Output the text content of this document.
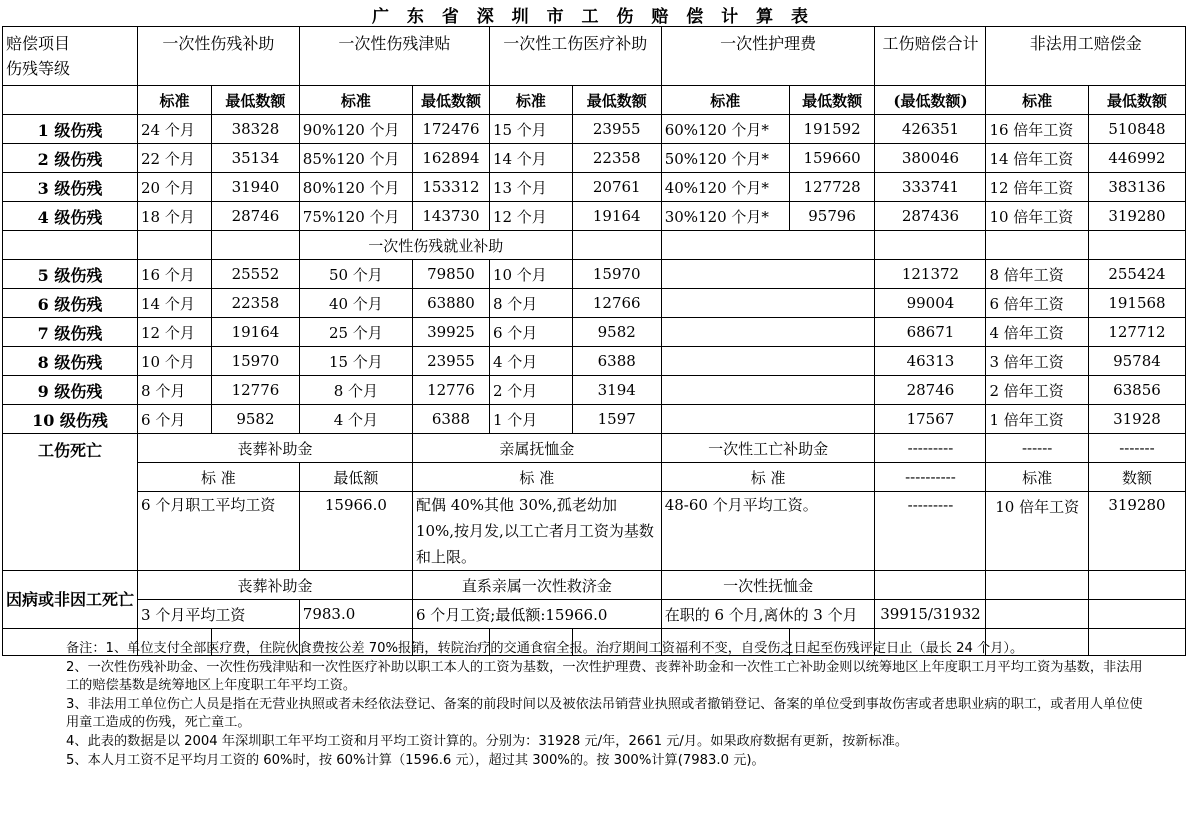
广 东 省 深 圳 市 工 伤 赔 偿 计 算 表
赔偿项目
伤残等级	一次性伤残补助		一次性伤残津贴		一次性工伤医疗补助		一次性护理费		工伤赔偿合计	非法用工赔偿金	
	标准	最低数额	标准	最低数额	标准	最低数额	标准	最低数额	(最低数额)	标准	最低数额
1 级伤残	24 个月	38328	90%120 个月	172476	15 个月	23955	60%120 个月*	191592	426351	16 倍年工资	510848
2 级伤残	22 个月	35134	85%120 个月	162894	14 个月	22358	50%120 个月*	159660	380046	14 倍年工资	446992
3 级伤残	20 个月	31940	80%120 个月	153312	13 个月	20761	40%120 个月*	127728	333741	12 倍年工资	383136
4 级伤残	18 个月	28746	75%120 个月	143730	12 个月	19164	30%120 个月*	95796	287436	10 倍年工资	319280
			一次性伤残就业补助								
5 级伤残	16 个月	25552	50 个月	79850	10 个月	15970			121372	8 倍年工资	255424
6 级伤残	14 个月	22358	40 个月	63880	8 个月	12766			99004	6 倍年工资	191568
7 级伤残	12 个月	19164	25 个月	39925	6 个月	9582			68671	4 倍年工资	127712
8 级伤残	10 个月	15970	15 个月	23955	4 个月	6388			46313	3 倍年工资	95784
9 级伤残	8 个月	12776	8 个月	12776	2 个月	3194			28746	2 倍年工资	63856
10 级伤残	6 个月	9582	4 个月	6388	1 个月	1597			17567	1 倍年工资	31928
工伤死亡	丧葬补助金			亲属抚恤金			一次性工亡补助金		---------	------	-------
	标 准		最低额	标 准			标 准		----------	标准	数额
	6 个月职工平均工资		15966.0	配偶 40%其他 30%,孤老幼加 10%,按月发,以工亡者月工资为基数和上限。			48-60 个月平均工资。		---------	10 倍年工资	319280
因病或非因工死亡	丧葬补助金			直系亲属一次性救济金			一次性抚恤金				
	3 个月平均工资		7983.0	6 个月工资;最低额:15966.0			在职的 6 个月,离休的 3 个月		39915/31932		

备注：1、单位支付全部医疗费，住院伙食费按公差 70%报销，转院治疗的交通食宿全报。治疗期间工资福利不变，自受伤之日起至伤残评定日止（最长 24 个月）。
2、一次性伤残补助金、一次性伤残津贴和一次性医疗补助以职工本人的工资为基数，一次性护理费、丧葬补助金和一次性工亡补助金则以统筹地区上年度职工月平均工资为基数，非法用工的赔偿基数是统筹地区上年度职工年平均工资。
3、非法用工单位伤亡人员是指在无营业执照或者未经依法登记、备案的前段时间以及被依法吊销营业执照或者撤销登记、备案的单位受到事故伤害或者患职业病的职工，或者用人单位使用童工造成的伤残，死亡童工。
4、此表的数据是以 2004 年深圳职工年平均工资和月平均工资计算的。分别为：31928 元/年，2661 元/月。如果政府数据有更新，按新标准。
5、本人月工资不足平均月工资的 60%时，按 60%计算（1596.6 元），超过其 300%的。按 300%计算(7983.0 元)。
